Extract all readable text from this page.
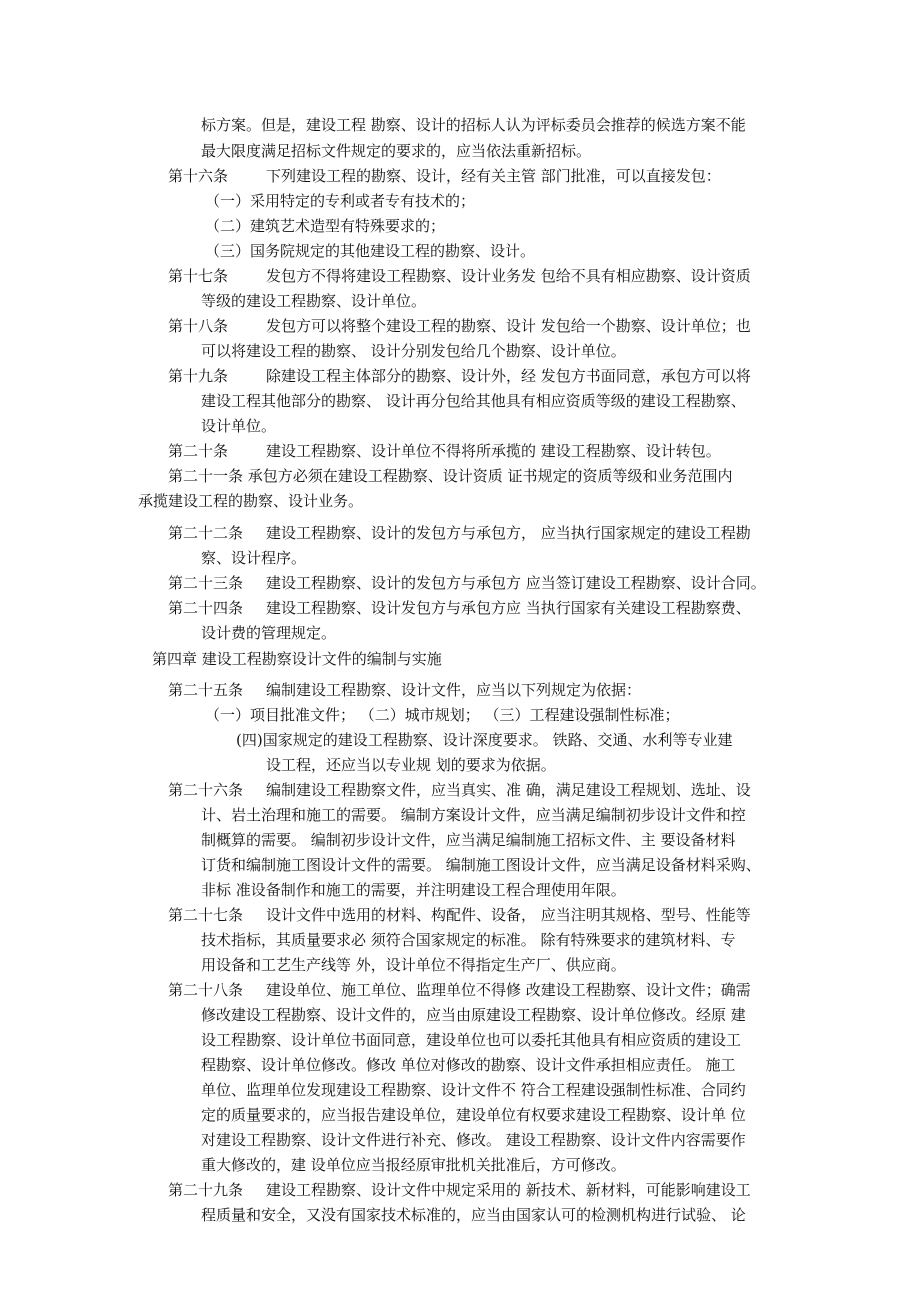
标方案。但是，建设工程 勘察、设计的招标人认为评标委员会推荐的候选方案不能
最大限度满足招标文件规定的要求的，应当依法重新招标。
第十六条	下列建设工程的勘察、设计，经有关主管 部门批准，可以直接发包：
（一）采用特定的专利或者专有技术的；
（二）建筑艺术造型有特殊要求的；
（三）国务院规定的其他建设工程的勘察、设计。
第十七条	发包方不得将建设工程勘察、设计业务发 包给不具有相应勘察、设计资质
等级的建设工程勘察、设计单位。
第十八条	发包方可以将整个建设工程的勘察、设计 发包给一个勘察、设计单位；也
可以将建设工程的勘察、 设计分别发包给几个勘察、设计单位。
第十九条	除建设工程主体部分的勘察、设计外，经 发包方书面同意，承包方可以将
建设工程其他部分的勘察、 设计再分包给其他具有相应资质等级的建设工程勘察、
设计单位。
第二十条	建设工程勘察、设计单位不得将所承揽的 建设工程勘察、设计转包。
第二十一条 承包方必须在建设工程勘察、设计资质 证书规定的资质等级和业务范围内
承揽建设工程的勘察、设计业务。
第二十二条 建设工程勘察、设计的发包方与承包方， 应当执行国家规定的建设工程勘
察、设计程序。
第二十三条 建设工程勘察、设计的发包方与承包方 应当签订建设工程勘察、设计合同。
第二十四条 建设工程勘察、设计发包方与承包方应 当执行国家有关建设工程勘察费、
设计费的管理规定。
第四章 建设工程勘察设计文件的编制与实施
第二十五条 编制建设工程勘察、设计文件，应当以下列规定为依据：
（一）项目批准文件； （二）城市规划； （三）工程建设强制性标准；
(四)国家规定的建设工程勘察、设计深度要求。 铁路、交通、水利等专业建
设工程，还应当以专业规 划的要求为依据。
第二十六条 编制建设工程勘察文件，应当真实、准 确，满足建设工程规划、选址、设
计、岩土治理和施工的需要。 编制方案设计文件，应当满足编制初步设计文件和控
制概算的需要。 编制初步设计文件，应当满足编制施工招标文件、主 要设备材料
订货和编制施工图设计文件的需要。 编制施工图设计文件，应当满足设备材料采购、
非标 准设备制作和施工的需要，并注明建设工程合理使用年限。
第二十七条 设计文件中选用的材料、构配件、设备， 应当注明其规格、型号、性能等
技术指标，其质量要求必 须符合国家规定的标准。 除有特殊要求的建筑材料、专
用设备和工艺生产线等 外，设计单位不得指定生产厂、供应商。
第二十八条 建设单位、施工单位、监理单位不得修 改建设工程勘察、设计文件；确需
修改建设工程勘察、设计文件的，应当由原建设工程勘察、设计单位修改。经原 建
设工程勘察、设计单位书面同意，建设单位也可以委托其他具有相应资质的建设工
程勘察、设计单位修改。修改 单位对修改的勘察、设计文件承担相应责任。 施工
单位、监理单位发现建设工程勘察、设计文件不 符合工程建设强制性标准、合同约
定的质量要求的，应当报告建设单位，建设单位有权要求建设工程勘察、设计单 位
对建设工程勘察、设计文件进行补充、修改。 建设工程勘察、设计文件内容需要作
重大修改的，建 设单位应当报经原审批机关批准后，方可修改。
第二十九条 建设工程勘察、设计文件中规定采用的 新技术、新材料，可能影响建设工
程质量和安全，又没有国家技术标准的，应当由国家认可的检测机构进行试验、 论
